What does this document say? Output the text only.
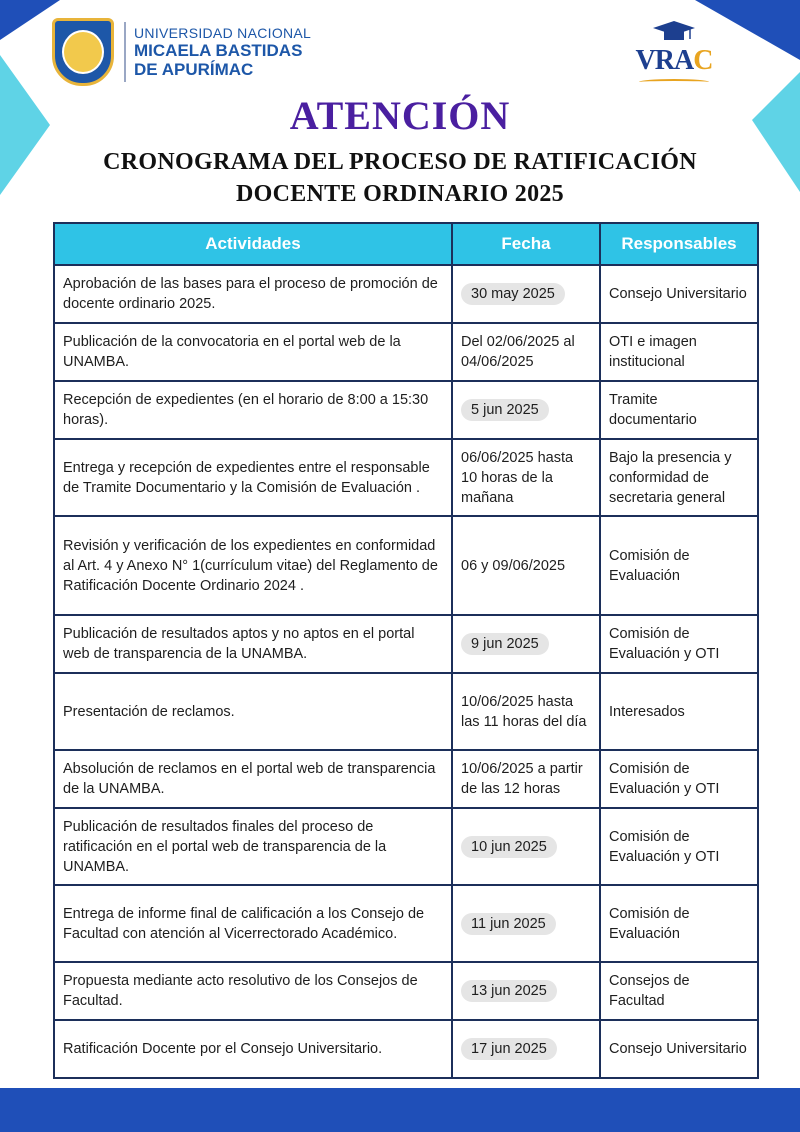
UNIVERSIDAD NACIONAL
MICAELA BASTIDAS
DE APURÍMAC	VRAC
ATENCIÓN
CRONOGRAMA DEL PROCESO DE RATIFICACIÓN
DOCENTE ORDINARIO 2025
Actividades	Fecha	Responsables
Aprobación de las bases para el proceso de promoción de docente ordinario 2025.	30 may 2025	Consejo Universitario
Publicación de la convocatoria en el portal web de la UNAMBA.	Del 02/06/2025 al 04/06/2025	OTI e imagen institucional
Recepción de expedientes (en el horario de 8:00 a 15:30 horas).	5 jun 2025	Tramite documentario
Entrega y recepción de expedientes entre el responsable de Tramite Documentario y la Comisión de Evaluación .	06/06/2025 hasta 10 horas de la mañana	Bajo la presencia y conformidad de secretaria general
Revisión y verificación de los expedientes en conformidad al Art. 4 y Anexo N° 1(currículum vitae) del Reglamento de Ratificación Docente Ordinario 2024 .	06 y 09/06/2025	Comisión de Evaluación
Publicación de resultados aptos y no aptos en el portal web de transparencia de la UNAMBA.	9 jun 2025	Comisión de Evaluación y OTI
Presentación de reclamos.	10/06/2025 hasta las 11 horas del día	Interesados
Absolución de reclamos en el portal web de transparencia de la UNAMBA.	10/06/2025 a partir de las 12 horas	Comisión de Evaluación y OTI
Publicación de resultados finales del proceso de ratificación en el portal web de transparencia de la UNAMBA.	10 jun 2025	Comisión de Evaluación y OTI
Entrega de informe final de calificación a los Consejo de Facultad con atención al Vicerrectorado Académico.	11 jun 2025	Comisión de Evaluación
Propuesta mediante acto resolutivo de los Consejos de Facultad.	13 jun 2025	Consejos de Facultad
Ratificación Docente por el Consejo Universitario.	17 jun 2025	Consejo Universitario
